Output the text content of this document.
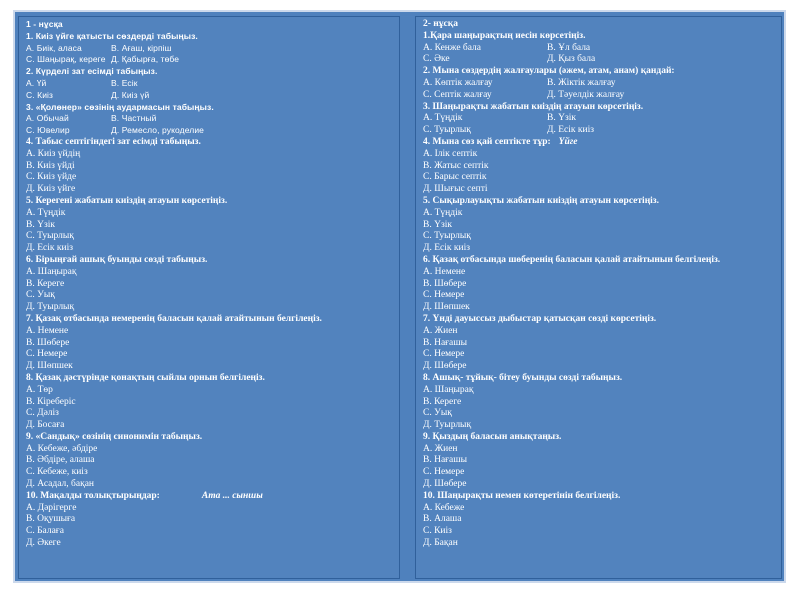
1 - нұсқа
1. Киіз үйге қатысты сөздерді табыңыз.
А. Биік, аласа	В. Ағаш, кірпіш
С. Шаңырақ, кереге Д. Қабырға, төбе
2. Күрделі зат есімді табыңыз.
А. Үй	В. Есік
С. Киіз	Д. Киіз үй
3. «Қолөнер» сөзінің аудармасын табыңыз.
А. Обычай	В. Частный
С. Ювелир	Д. Ремесло, рукоделие
4. Табыс септігіндегі зат есімді табыңыз.
А. Киіз үйдің
В. Киіз үйді
С. Киіз үйде
Д. Киіз үйге
5. Керегені жабатын киіздің атауын көрсетіңіз.
А. Түңдік
В. Үзік
С. Туырлық
Д. Есік киіз
6. Бірыңғай ашық буынды сөзді табыңыз.
А. Шаңырақ
В. Кереге
С. Уық
Д. Туырлық
7. Қазақ отбасында немеренің баласын қалай атайтынын белгілеңіз.
А. Немене
В. Шөбере
С. Немере
Д. Шөпшек
8. Қазақ дәстүрінде қонақтың сыйлы орнын белгілеңіз.
А. Төр
В. Кіреберіс
С. Дәліз
Д. Босаға
9. «Сандық» сөзінің синонимін табыңыз.
А. Кебеже, әбдіре
В. Әбдіре, алаша
С. Кебеже, киіз
Д. Асадал, бақан
10. Мақалды толықтырыңдар:	Ата ... сыншы
А. Дәрігерге
В. Оқушыға
С. Балаға
Д. Әкеге
2- нұсқа
1.Қара шаңырақтың иесін көрсетіңіз.
А. Кенже бала	В. Ұл бала
С. Әке	Д. Қыз бала
2. Мына сөздердің жалғаулары (әжем, атам, анам) қандай:
А. Көптік жалғау	В. Жіктік жалғау
С. Септік жалғау	Д. Тәуелдік жалғау
3. Шаңырақты жабатын киіздің атауын көрсетіңіз.
А. Түңдік	В. Үзік
С. Туырлық	Д. Есік киіз
4. Мына сөз қай септікте тұр: Үйге
А. Ілік септік
В. Жатыс септік
С. Барыс септік
Д. Шығыс септі
5. Сықырлауықты жабатын киіздің атауын көрсетіңіз.
А. Түңдік
В. Үзік
С. Туырлық
Д. Есік киіз
6. Қазақ отбасында шөберенің баласын қалай атайтынын белгілеңіз.
А. Немене
В. Шөбере
С. Немере
Д. Шөпшек
7. Үнді дауыссыз дыбыстар қатысқан сөзді көрсетіңіз.
А. Жиен
В. Нағашы
С. Немере
Д. Шөбере
8. Ашық- тұйық- бітеу буынды сөзді табыңыз.
А. Шаңырақ
В. Кереге
С. Уық
Д. Туырлық
9. Қыздың баласын анықтаңыз.
А. Жиен
В. Нағашы
С. Немере
Д. Шөбере
10. Шаңырақты немен көтеретінін белгілеңіз.
А. Кебеже
В. Алаша
С. Киіз
Д. Бақан
